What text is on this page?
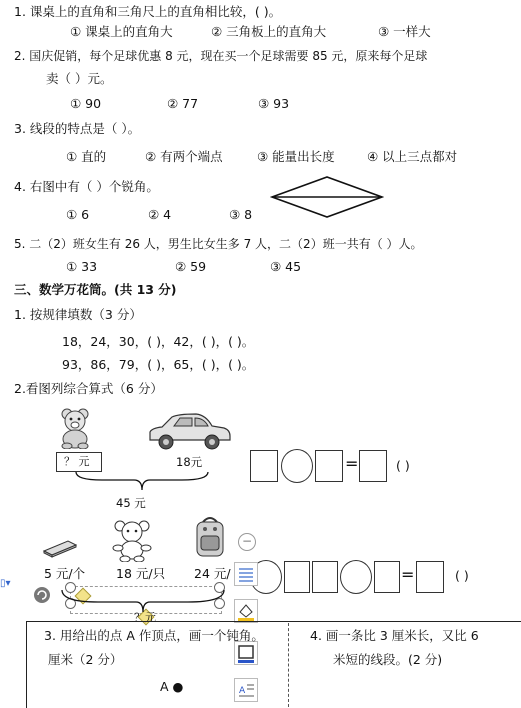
1. 课桌上的直角和三角尺上的直角相比较，( )。
① 课桌上的直角大	② 三角板上的直角大	③ 一样大
2. 国庆促销，每个足球优惠 8 元，现在买一个足球需要 85 元，原来每个足球
卖（ ）元。
① 90	② 77	③ 93
3. 线段的特点是（ ）。
① 直的	② 有两个端点	③ 能量出长度	④ 以上三点都对
4. 右图中有（ ）个锐角。
① 6	② 4	③ 8
5. 二（2）班女生有 26 人，男生比女生多 7 人，二（2）班一共有（ ）人。
① 33	② 59	③ 45
三、数学万花筒。(共 13 分)
1. 按规律填数（3 分）
18，24，30，( )，42，( )，( )。
93，86，79，( )，65，( )，( )。
2.看图列综合算式（6 分）
？ 元	18元
45 元
=	( )
5 元/个 18 元/只 24 元/
？元
=	( )
−
A
▯▾
3. 用给出的点 A 作顶点，画一个钝角。
厘米（2 分）
A ●
4. 画一条比 3 厘米长，又比 6
米短的线段。(2 分)
